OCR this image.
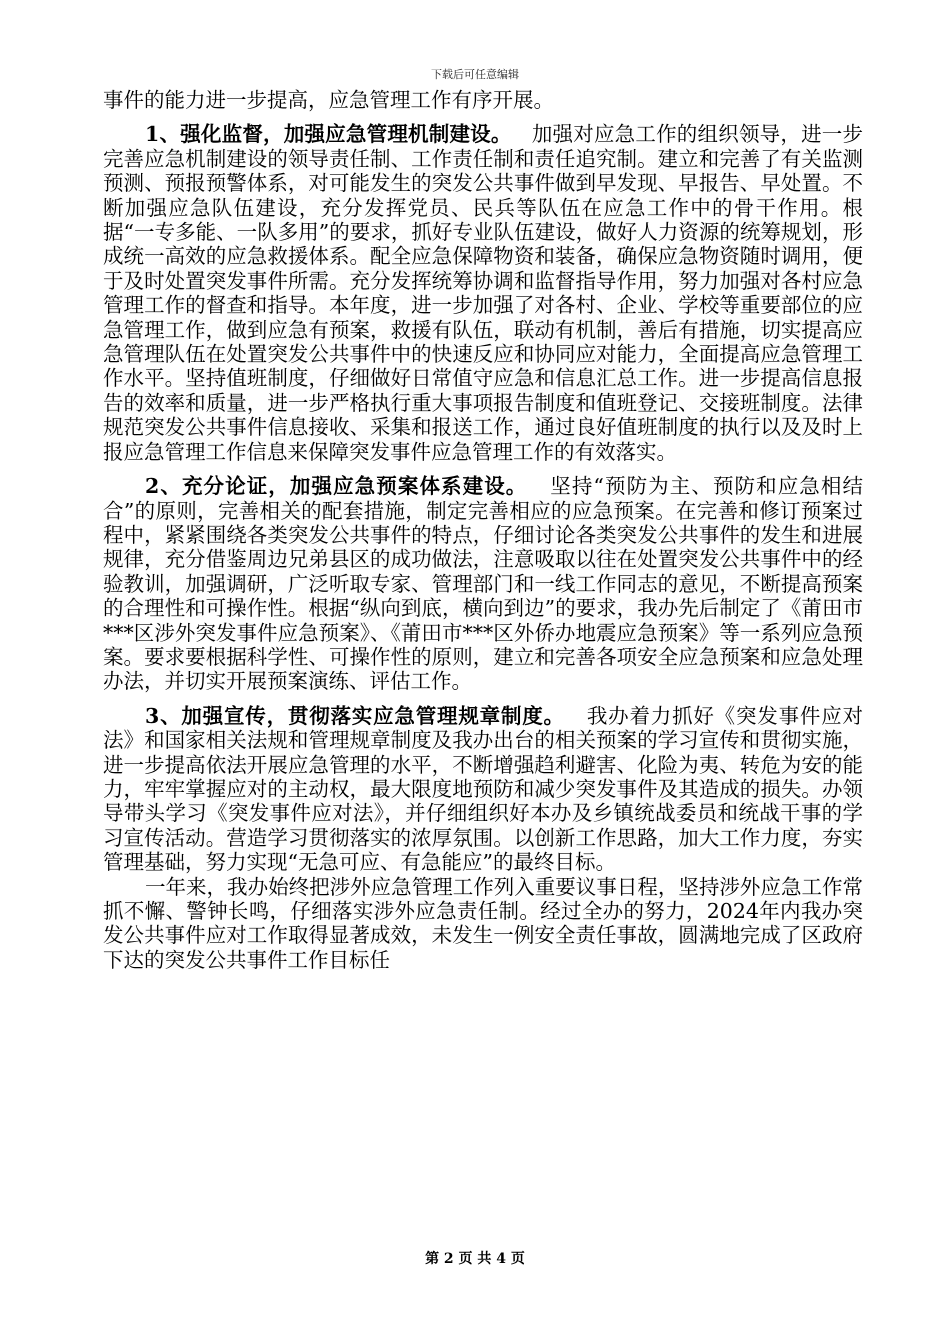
下载后可任意编辑

事件的能力进一步提高，应急管理工作有序开展。

1、强化监督，加强应急管理机制建设。 加强对应急工作的组织领导，进一步完善应急机制建设的领导责任制、工作责任制和责任追究制。建立和完善了有关监测预测、预报预警体系，对可能发生的突发公共事件做到早发现、早报告、早处置。不断加强应急队伍建设，充分发挥党员、民兵等队伍在应急工作中的骨干作用。根据“一专多能、一队多用”的要求，抓好专业队伍建设，做好人力资源的统筹规划，形成统一高效的应急救援体系。配全应急保障物资和装备，确保应急物资随时调用，便于及时处置突发事件所需。充分发挥统筹协调和监督指导作用，努力加强对各村应急管理工作的督查和指导。本年度，进一步加强了对各村、企业、学校等重要部位的应急管理工作，做到应急有预案，救援有队伍，联动有机制，善后有措施，切实提高应急管理队伍在处置突发公共事件中的快速反应和协同应对能力，全面提高应急管理工作水平。坚持值班制度，仔细做好日常值守应急和信息汇总工作。进一步提高信息报告的效率和质量，进一步严格执行重大事项报告制度和值班登记、交接班制度。法律规范突发公共事件信息接收、采集和报送工作，通过良好值班制度的执行以及及时上报应急管理工作信息来保障突发事件应急管理工作的有效落实。

2、充分论证，加强应急预案体系建设。 坚持“预防为主、预防和应急相结合”的原则，完善相关的配套措施，制定完善相应的应急预案。在完善和修订预案过程中，紧紧围绕各类突发公共事件的特点，仔细讨论各类突发公共事件的发生和进展规律，充分借鉴周边兄弟县区的成功做法，注意吸取以往在处置突发公共事件中的经验教训，加强调研，广泛听取专家、管理部门和一线工作同志的意见，不断提高预案的合理性和可操作性。根据“纵向到底，横向到边”的要求，我办先后制定了《莆田市***区涉外突发事件应急预案》、《莆田市***区外侨办地震应急预案》等一系列应急预案。要求要根据科学性、可操作性的原则，建立和完善各项安全应急预案和应急处理办法，并切实开展预案演练、评估工作。

3、加强宣传，贯彻落实应急管理规章制度。 我办着力抓好《突发事件应对法》和国家相关法规和管理规章制度及我办出台的相关预案的学习宣传和贯彻实施，进一步提高依法开展应急管理的水平，不断增强趋利避害、化险为夷、转危为安的能力，牢牢掌握应对的主动权，最大限度地预防和减少突发事件及其造成的损失。办领导带头学习《突发事件应对法》，并仔细组织好本办及乡镇统战委员和统战干事的学习宣传活动。营造学习贯彻落实的浓厚氛围。以创新工作思路，加大工作力度，夯实管理基础，努力实现“无急可应、有急能应”的最终目标。

一年来，我办始终把涉外应急管理工作列入重要议事日程，坚持涉外应急工作常抓不懈、警钟长鸣，仔细落实涉外应急责任制。经过全办的努力，2024年内我办突发公共事件应对工作取得显著成效，未发生一例安全责任事故，圆满地完成了区政府下达的突发公共事件工作目标任

第 2 页 共 4 页
